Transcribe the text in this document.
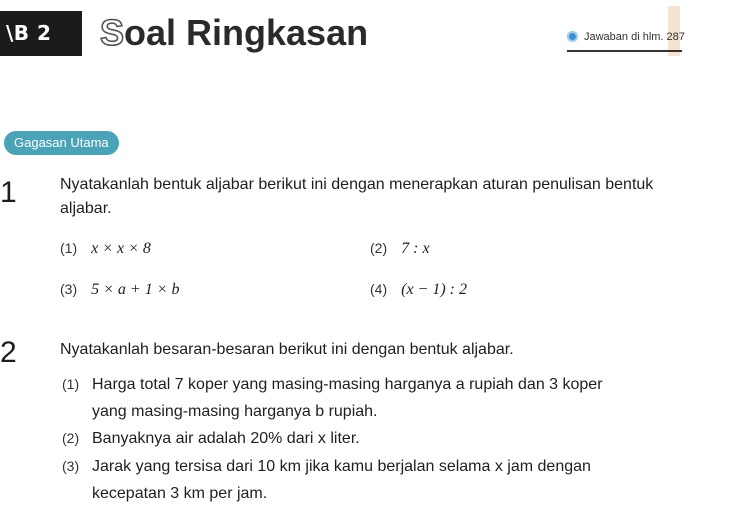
\B 2	Soal Ringkasan	Jawaban di hlm. 287
Gagasan Utama
1	Nyatakanlah bentuk aljabar berikut ini dengan menerapkan aturan penulisan bentuk aljabar.
(1) x × x × 8	(2) 7 : x
(3) 5 × a + 1 × b	(4) (x − 1) : 2
2	Nyatakanlah besaran-besaran berikut ini dengan bentuk aljabar.
(1) Harga total 7 koper yang masing-masing harganya a rupiah dan 3 koper
yang masing-masing harganya b rupiah.
(2) Banyaknya air adalah 20% dari x liter.
(3) Jarak yang tersisa dari 10 km jika kamu berjalan selama x jam dengan
kecepatan 3 km per jam.
